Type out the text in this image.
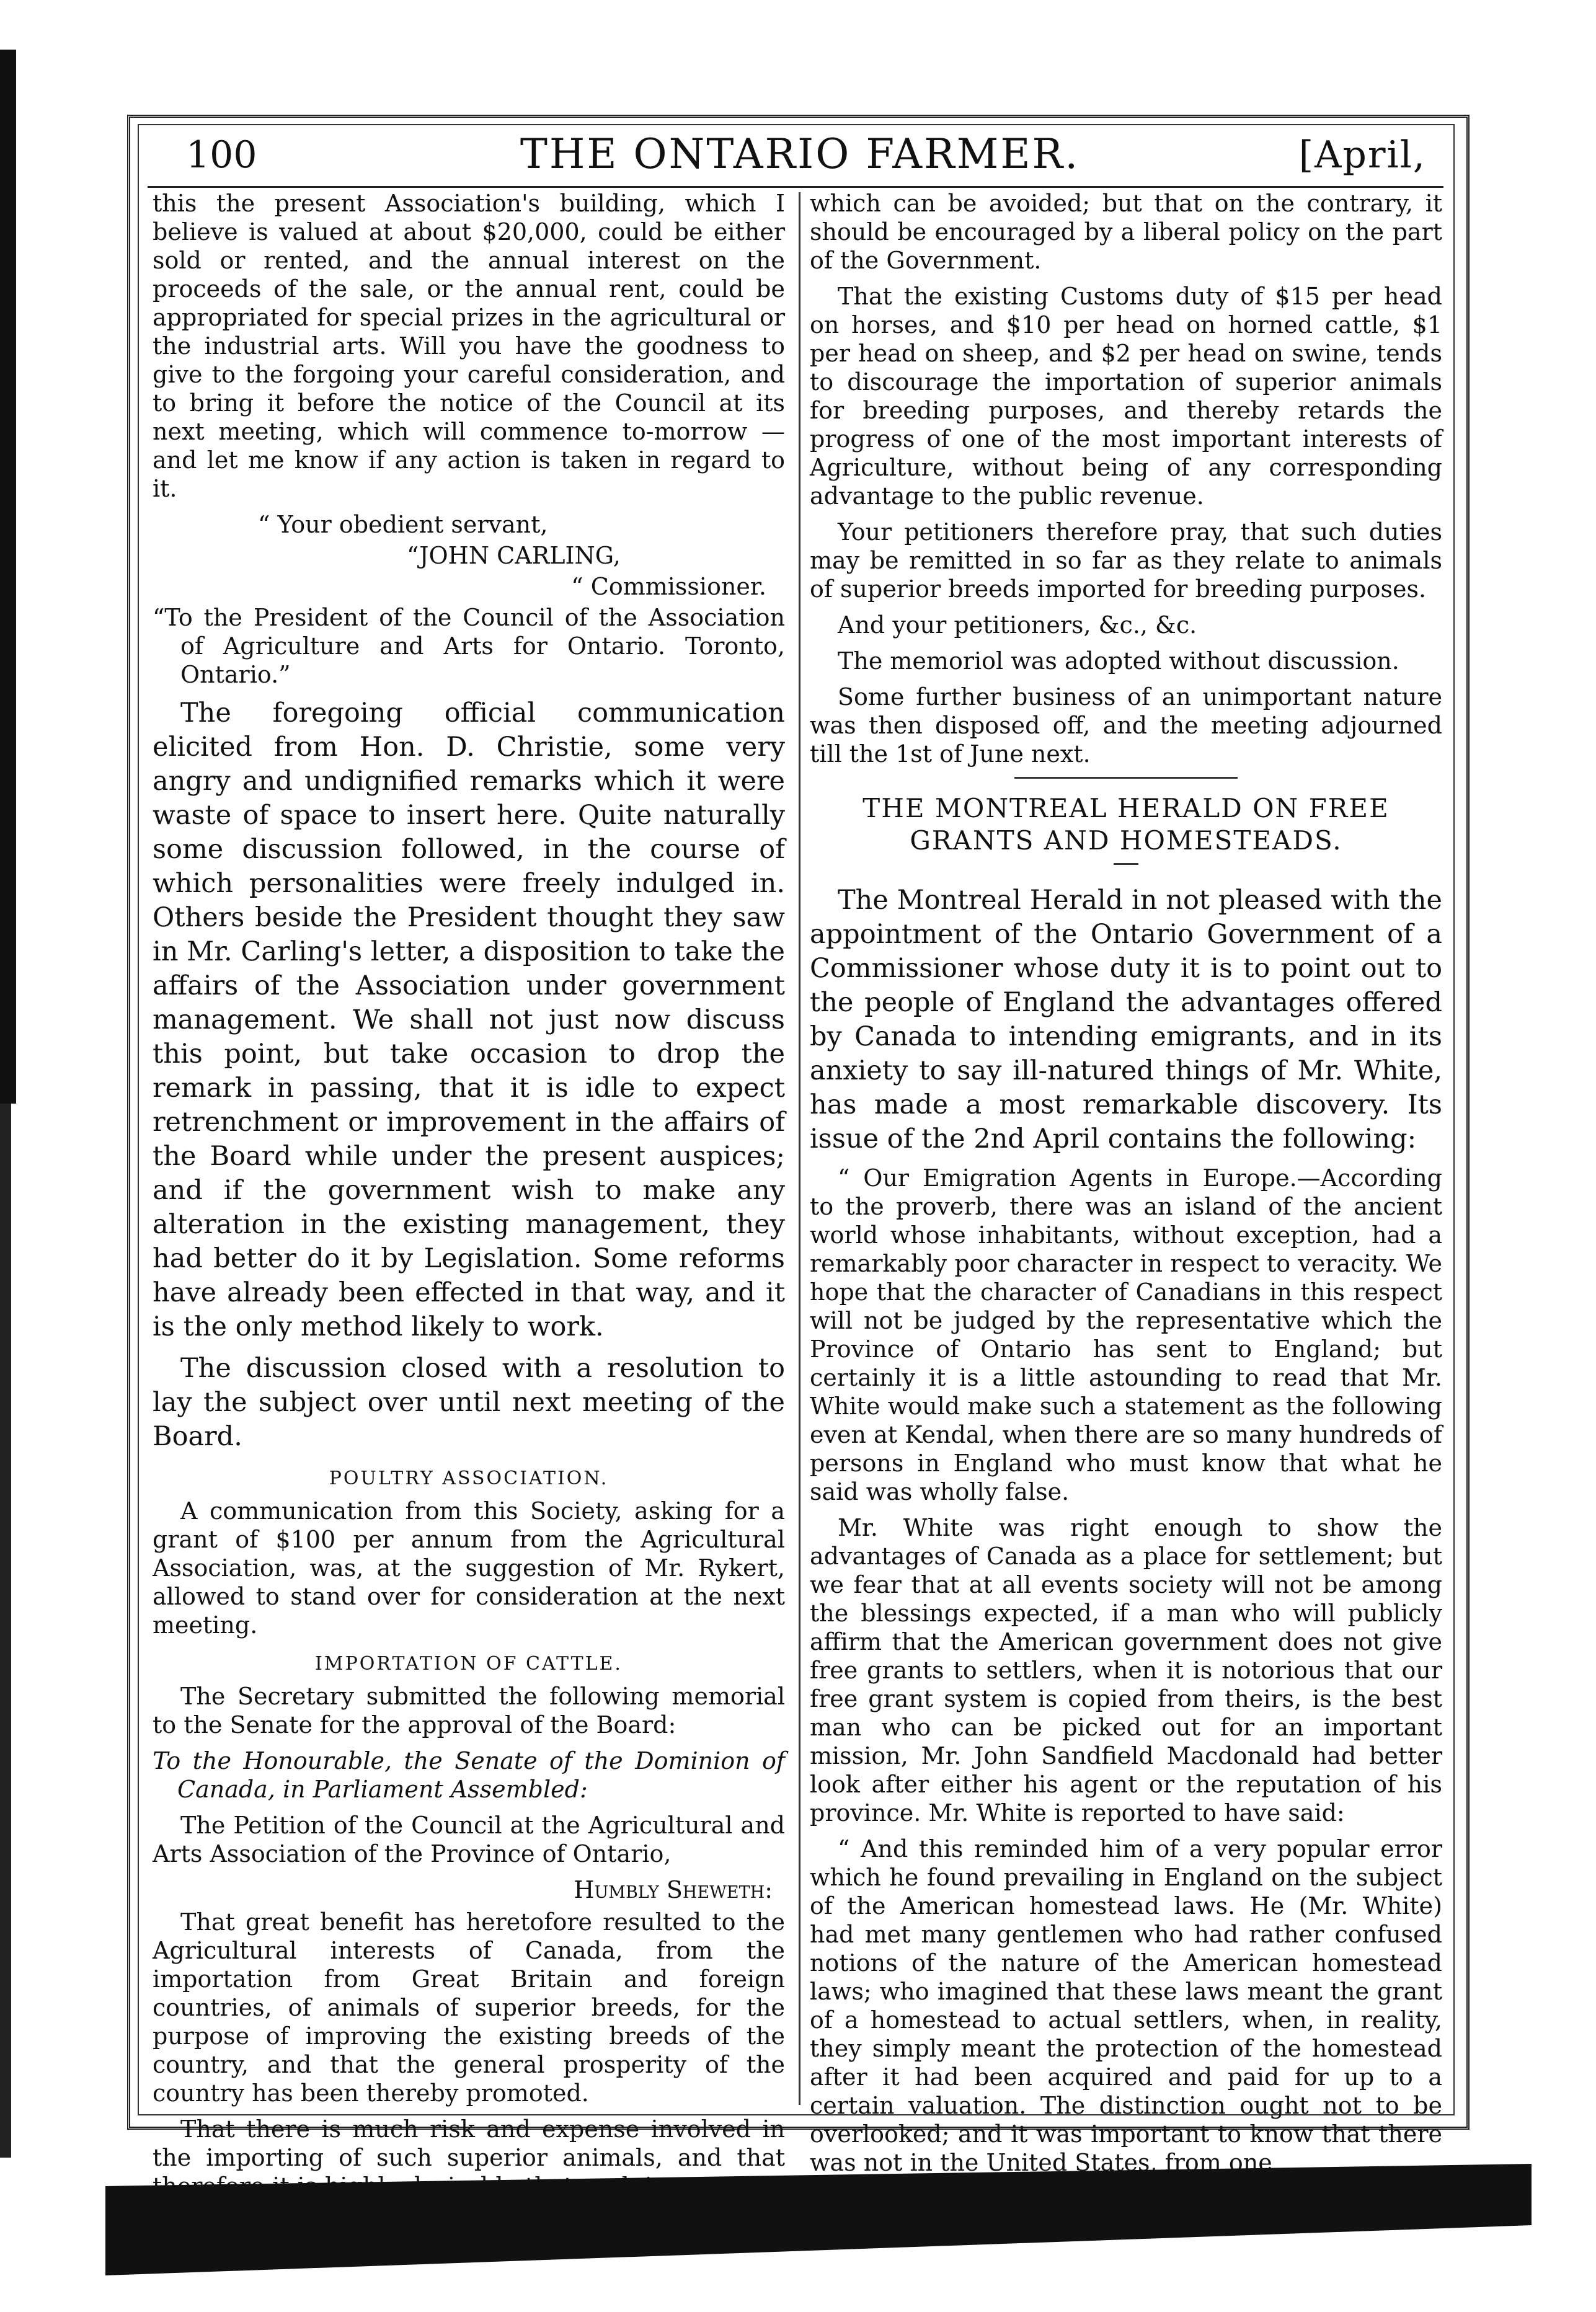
100	THE ONTARIO FARMER.	[April,

this the present Association's building, which I believe is valued at about $20,000, could be either sold or rented, and the annual interest on the proceeds of the sale, or the annual rent, could be appropriated for special prizes in the agricultural or the industrial arts. Will you have the goodness to give to the forgoing your careful consideration, and to bring it before the notice of the Council at its next meeting, which will commence to-morrow —and let me know if any action is taken in regard to it.

“ Your obedient servant,

“JOHN CARLING,

“ Commissioner.

“To the President of the Council of the Association of Agriculture and Arts for Ontario. Toronto, Ontario.”

The foregoing official communication elicited from Hon. D. Christie, some very angry and undignified remarks which it were waste of space to insert here. Quite naturally some discussion followed, in the course of which personalities were freely indulged in. Others beside the President thought they saw in Mr. Carling's letter, a disposition to take the affairs of the Association under government management. We shall not just now discuss this point, but take occasion to drop the remark in passing, that it is idle to expect retrenchment or improvement in the affairs of the Board while under the present auspices; and if the government wish to make any alteration in the existing management, they had better do it by Legislation. Some reforms have already been effected in that way, and it is the only method likely to work.

The discussion closed with a resolution to lay the subject over until next meeting of the Board.

POULTRY ASSOCIATION.

A communication from this Society, asking for a grant of $100 per annum from the Agricultural Association, was, at the suggestion of Mr. Rykert, allowed to stand over for consideration at the next meeting.

IMPORTATION OF CATTLE.

The Secretary submitted the following memorial to the Senate for the approval of the Board:

To the Honourable, the Senate of the Dominion of Canada, in Parliament Assembled:

The Petition of the Council at the Agricultural and Arts Association of the Province of Ontario,

Humbly Sheweth:

That great benefit has heretofore resulted to the Agricultural interests of Canada, from the importation from Great Britain and foreign countries, of animals of superior breeds, for the purpose of improving the existing breeds of the country, and that the general prosperity of the country has been thereby promoted.

That there is much risk and expense involved in the importing of such superior animals, and that therefore it is highly desirable that such importation should not be burdened with any additional cost

which can be avoided; but that on the contrary, it should be encouraged by a liberal policy on the part of the Government.

That the existing Customs duty of $15 per head on horses, and $10 per head on horned cattle, $1 per head on sheep, and $2 per head on swine, tends to discourage the importation of superior animals for breeding purposes, and thereby retards the progress of one of the most important interests of Agriculture, without being of any corresponding advantage to the public revenue.

Your petitioners therefore pray, that such duties may be remitted in so far as they relate to animals of superior breeds imported for breeding purposes.

And your petitioners, &c., &c.

The memoriol was adopted without discussion.

Some further business of an unimportant nature was then disposed off, and the meeting adjourned till the 1st of June next.

THE MONTREAL HERALD ON FREE GRANTS AND HOMESTEADS.

The Montreal Herald in not pleased with the appointment of the Ontario Government of a Commissioner whose duty it is to point out to the people of England the advantages offered by Canada to intending emigrants, and in its anxiety to say ill-natured things of Mr. White, has made a most remarkable discovery. Its issue of the 2nd April contains the following:

“ Our Emigration Agents in Europe.—According to the proverb, there was an island of the ancient world whose inhabitants, without exception, had a remarkably poor character in respect to veracity. We hope that the character of Canadians in this respect will not be judged by the representative which the Province of Ontario has sent to England; but certainly it is a little astounding to read that Mr. White would make such a statement as the following even at Kendal, when there are so many hundreds of persons in England who must know that what he said was wholly false.

Mr. White was right enough to show the advantages of Canada as a place for settlement; but we fear that at all events society will not be among the blessings expected, if a man who will publicly affirm that the American government does not give free grants to settlers, when it is notorious that our free grant system is copied from theirs, is the best man who can be picked out for an important mission, Mr. John Sandfield Macdonald had better look after either his agent or the reputation of his province. Mr. White is reported to have said:

“ And this reminded him of a very popular error which he found prevailing in England on the subject of the American homestead laws. He (Mr. White) had met many gentlemen who had rather confused notions of the nature of the American homestead laws; who imagined that these laws meant the grant of a homestead to actual settlers, when, in reality, they simply meant the protection of the homestead after it had been acquired and paid for up to a certain valuation. The distinction ought not to be overlooked; and it was important to know that there was not in the United States, from one
